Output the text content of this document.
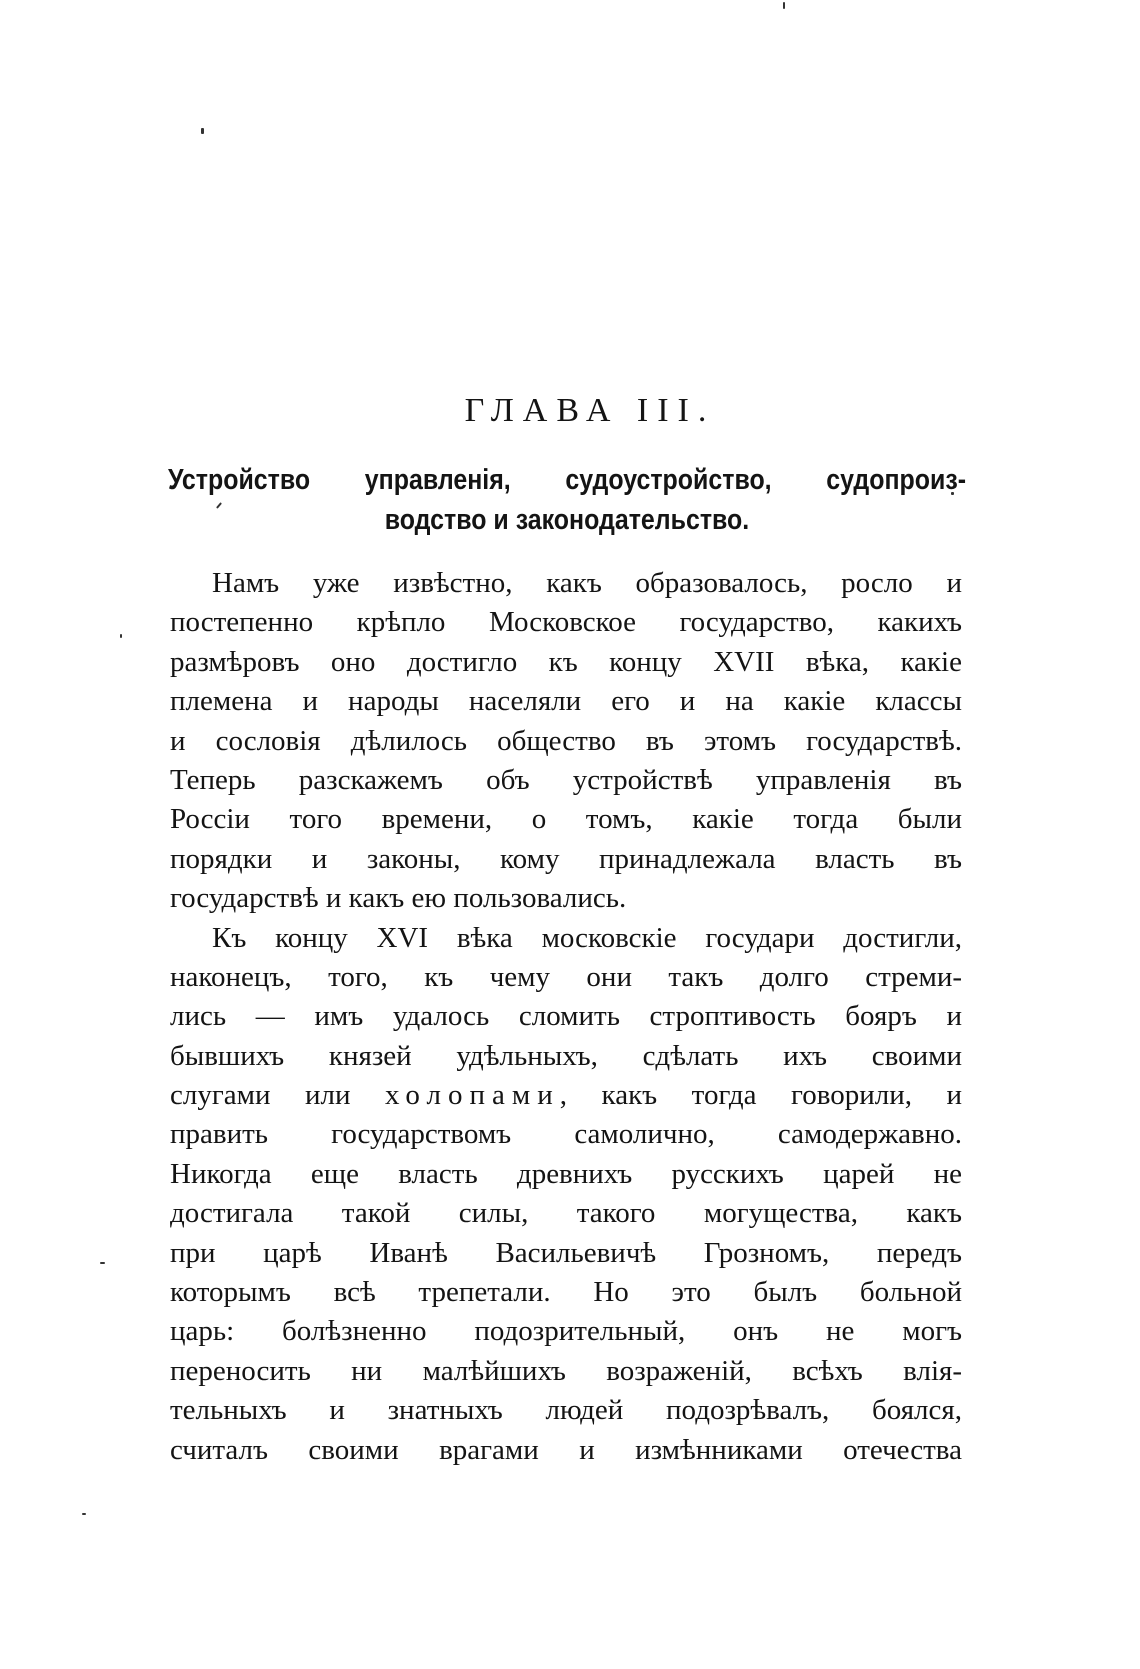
ГЛАВА III.
Устройство управленія, судоустройство, судопроиз-
водство и законодательство.
Намъ уже извѣстно, какъ образовалось, росло и
постепенно крѣпло Московское государство, какихъ
размѣровъ оно достигло къ концу XVII вѣка, какіе
племена и народы населяли его и на какіе классы
и сословія дѣлилось общество въ этомъ государствѣ.
Теперь разскажемъ объ устройствѣ управленія въ
Россіи того времени, о томъ, какіе тогда были
порядки и законы, кому принадлежала власть въ
государствѣ и какъ ею пользовались.
Къ концу XVI вѣка московскіе государи достигли,
наконецъ, того, къ чему они такъ долго стреми-
лись — имъ удалось сломить строптивость бояръ и
бывшихъ князей удѣльныхъ, сдѣлать ихъ своими
слугами или холопами, какъ тогда говорили, и
править государствомъ самолично, самодержавно.
Никогда еще власть древнихъ русскихъ царей не
достигала такой силы, такого могущества, какъ
при царѣ Иванѣ Васильевичѣ Грозномъ, передъ
которымъ всѣ трепетали. Но это былъ больной
царь: болѣзненно подозрительный, онъ не могъ
переносить ни малѣйшихъ возраженій, всѣхъ влія-
тельныхъ и знатныхъ людей подозрѣвалъ, боялся,
считалъ своими врагами и измѣнниками отечества
